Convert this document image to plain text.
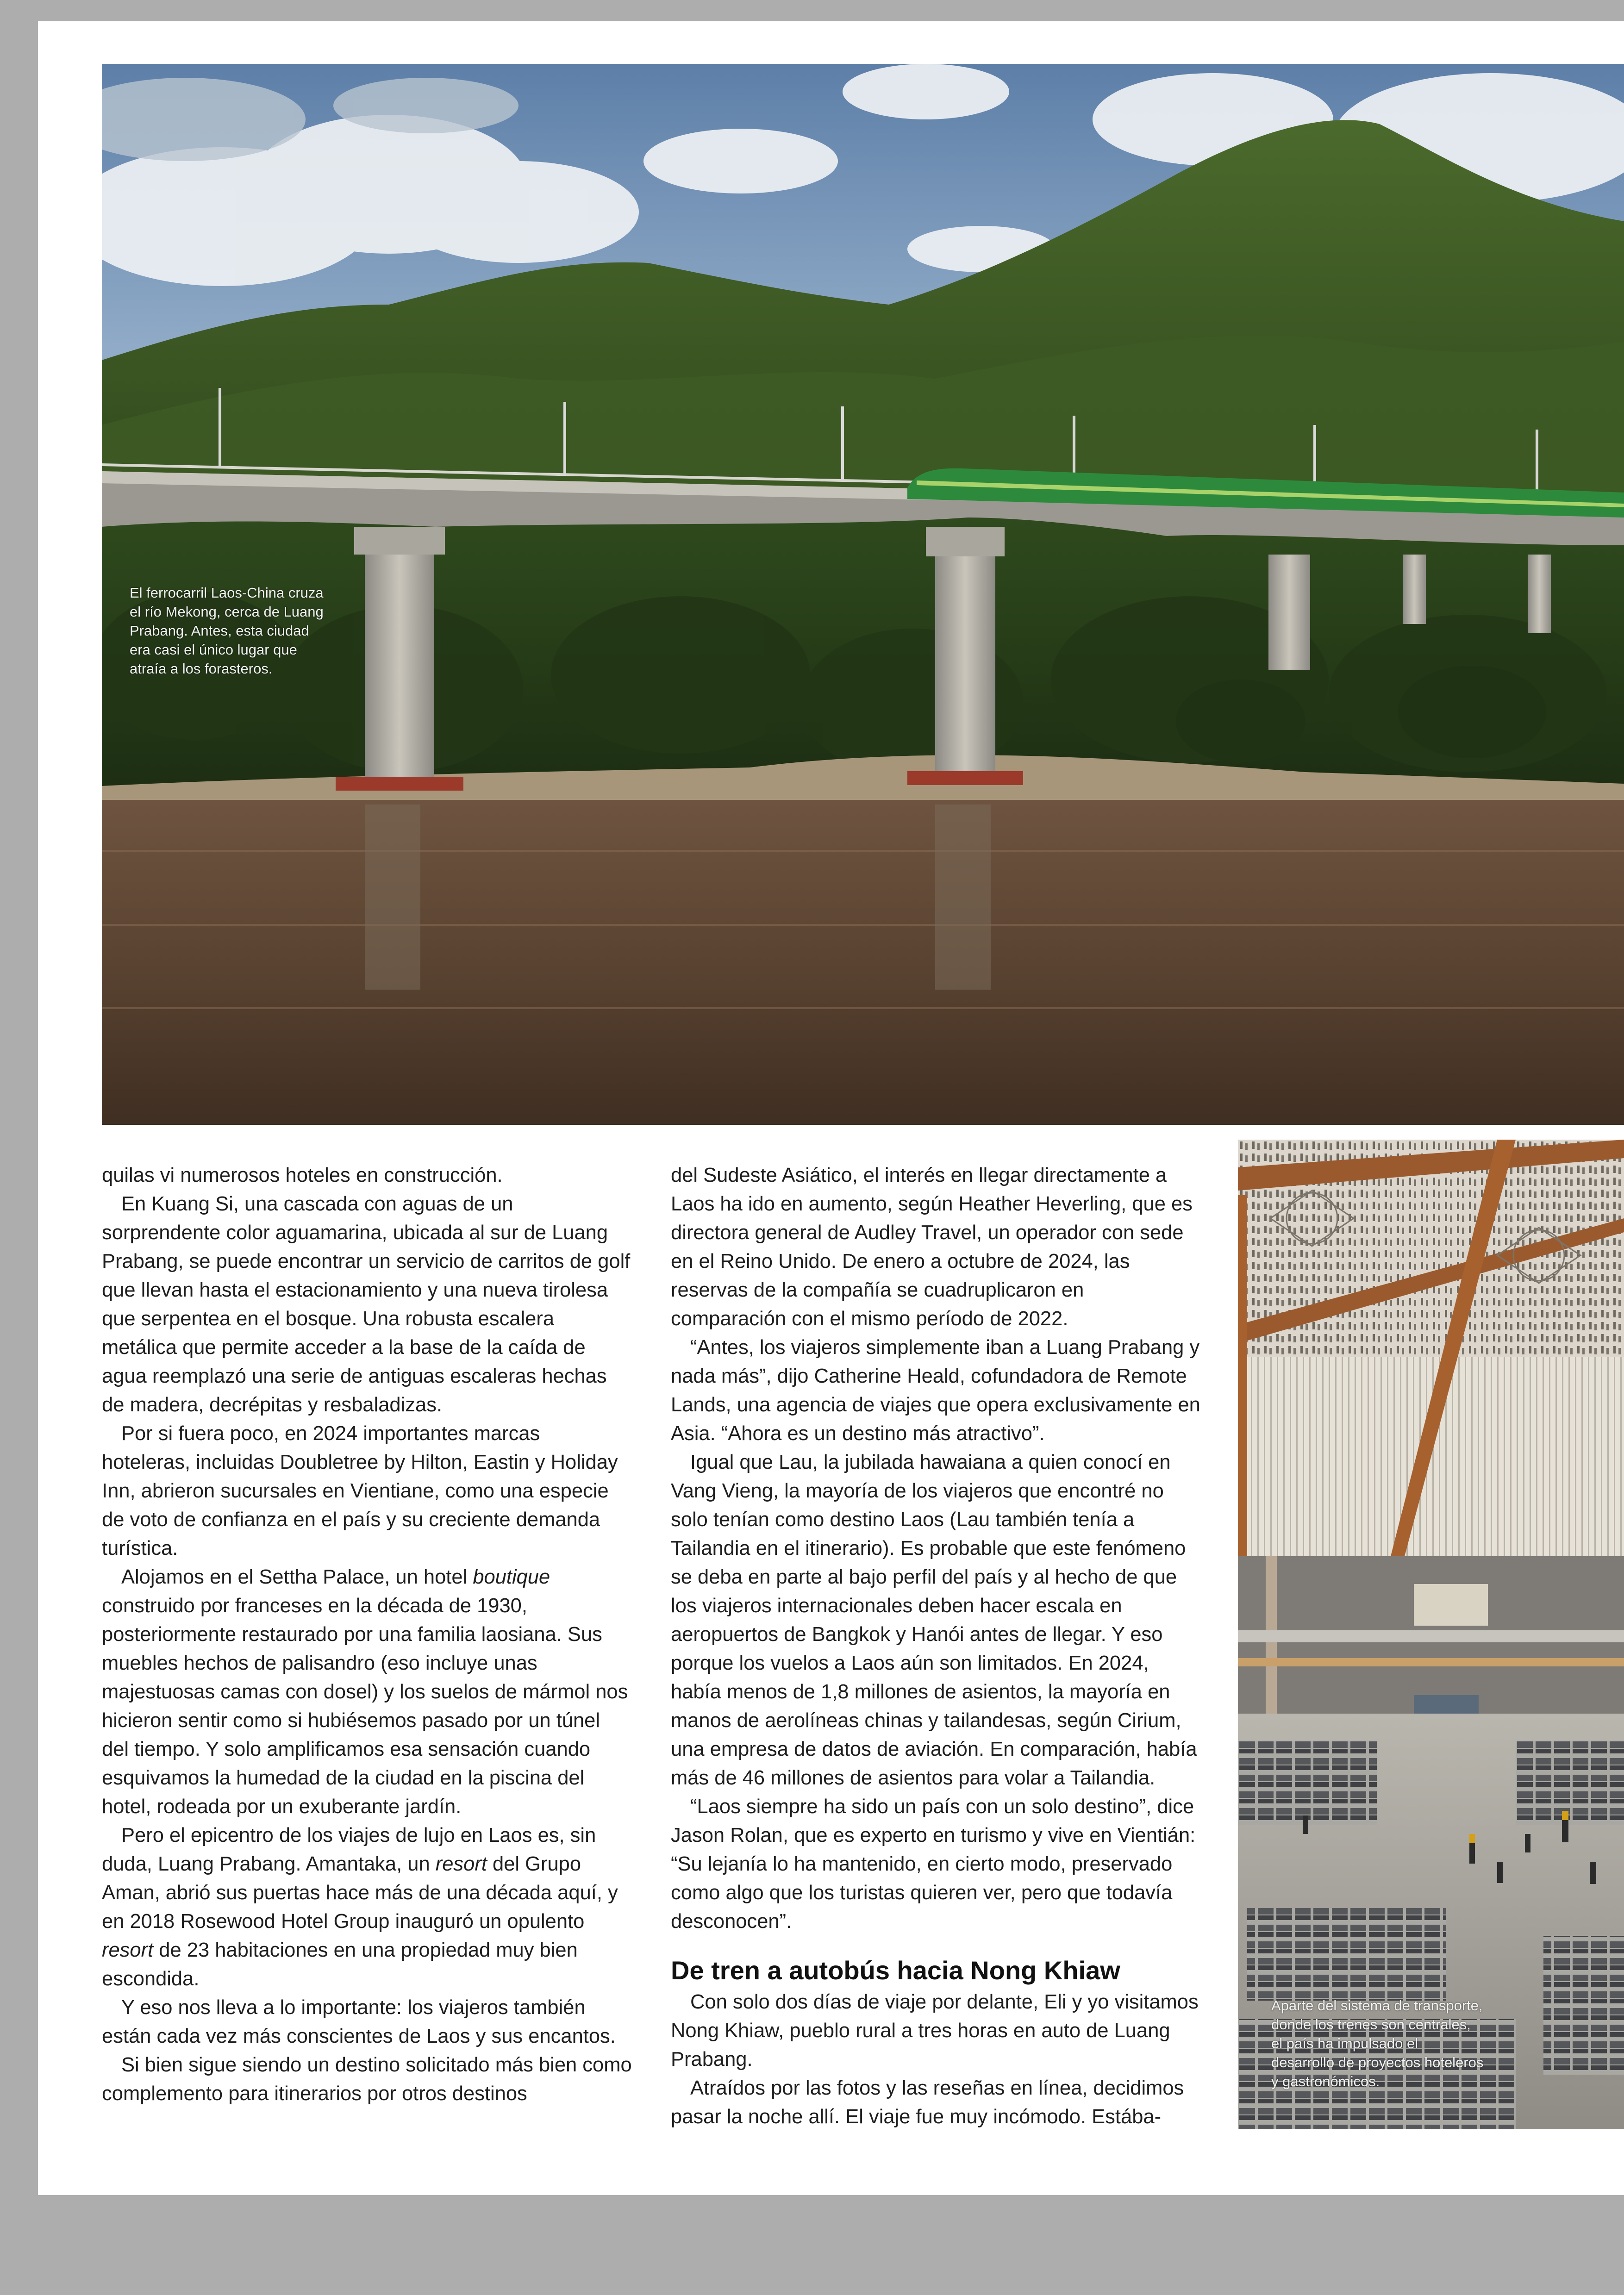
El ferrocarril Laos-China cruza el río Mekong, cerca de Luang Prabang. Antes, esta ciudad era casi el único lugar que atraía a los forasteros.

quilas vi numerosos hoteles en construcción.

En Kuang Si, una cascada con aguas de un sorprendente color aguamarina, ubicada al sur de Luang Prabang, se puede encontrar un servicio de carritos de golf que llevan hasta el estacionamiento y una nueva tirolesa que serpentea en el bosque. Una robusta escalera metálica que permite acceder a la base de la caída de agua reemplazó una serie de antiguas escaleras hechas de madera, decrépitas y resbaladizas.

Por si fuera poco, en 2024 importantes marcas hoteleras, incluidas Doubletree by Hilton, Eastin y Holiday Inn, abrieron sucursales en Vientiane, como una especie de voto de confianza en el país y su creciente demanda turística.

Alojamos en el Settha Palace, un hotel boutique construido por franceses en la década de 1930, posteriormente restaurado por una familia laosiana. Sus muebles hechos de palisandro (eso incluye unas majestuosas camas con dosel) y los suelos de mármol nos hicieron sentir como si hubiésemos pasado por un túnel del tiempo. Y solo amplificamos esa sensación cuando esquivamos la humedad de la ciudad en la piscina del hotel, rodeada por un exuberante jardín.

Pero el epicentro de los viajes de lujo en Laos es, sin duda, Luang Prabang. Amantaka, un resort del Grupo Aman, abrió sus puertas hace más de una década aquí, y en 2018 Rosewood Hotel Group inauguró un opulento resort de 23 habitaciones en una propiedad muy bien escondida.

Y eso nos lleva a lo importante: los viajeros también están cada vez más conscientes de Laos y sus encantos.

Si bien sigue siendo un destino solicitado más bien como complemento para itinerarios por otros destinos

del Sudeste Asiático, el interés en llegar directamente a Laos ha ido en aumento, según Heather Heverling, que es directora general de Audley Travel, un operador con sede en el Reino Unido. De enero a octubre de 2024, las reservas de la compañía se cuadruplicaron en comparación con el mismo período de 2022.

“Antes, los viajeros simplemente iban a Luang Prabang y nada más”, dijo Catherine Heald, cofundadora de Remote Lands, una agencia de viajes que opera exclusivamente en Asia. “Ahora es un destino más atractivo”.

Igual que Lau, la jubilada hawaiana a quien conocí en Vang Vieng, la mayoría de los viajeros que encontré no solo tenían como destino Laos (Lau también tenía a Tailandia en el itinerario). Es probable que este fenómeno se deba en parte al bajo perfil del país y al hecho de que los viajeros internacionales deben hacer escala en aeropuertos de Bangkok y Hanói antes de llegar. Y eso porque los vuelos a Laos aún son limitados. En 2024, había menos de 1,8 millones de asientos, la mayoría en manos de aerolíneas chinas y tailandesas, según Cirium, una empresa de datos de aviación. En comparación, había más de 46 millones de asientos para volar a Tailandia.

“Laos siempre ha sido un país con un solo destino”, dice Jason Rolan, que es experto en turismo y vive en Vientián: “Su lejanía lo ha mantenido, en cierto modo, preservado como algo que los turistas quieren ver, pero que todavía desconocen”.

De tren a autobús hacia Nong Khiaw

Con solo dos días de viaje por delante, Eli y yo visitamos Nong Khiaw, pueblo rural a tres horas en auto de Luang Prabang.

Atraídos por las fotos y las reseñas en línea, decidimos pasar la noche allí. El viaje fue muy incómodo. Estába-

Aparte del sistema de transporte, donde los trenes son centrales, el país ha impulsado el desarrollo de proyectos hoteleros y gastronómicos.
